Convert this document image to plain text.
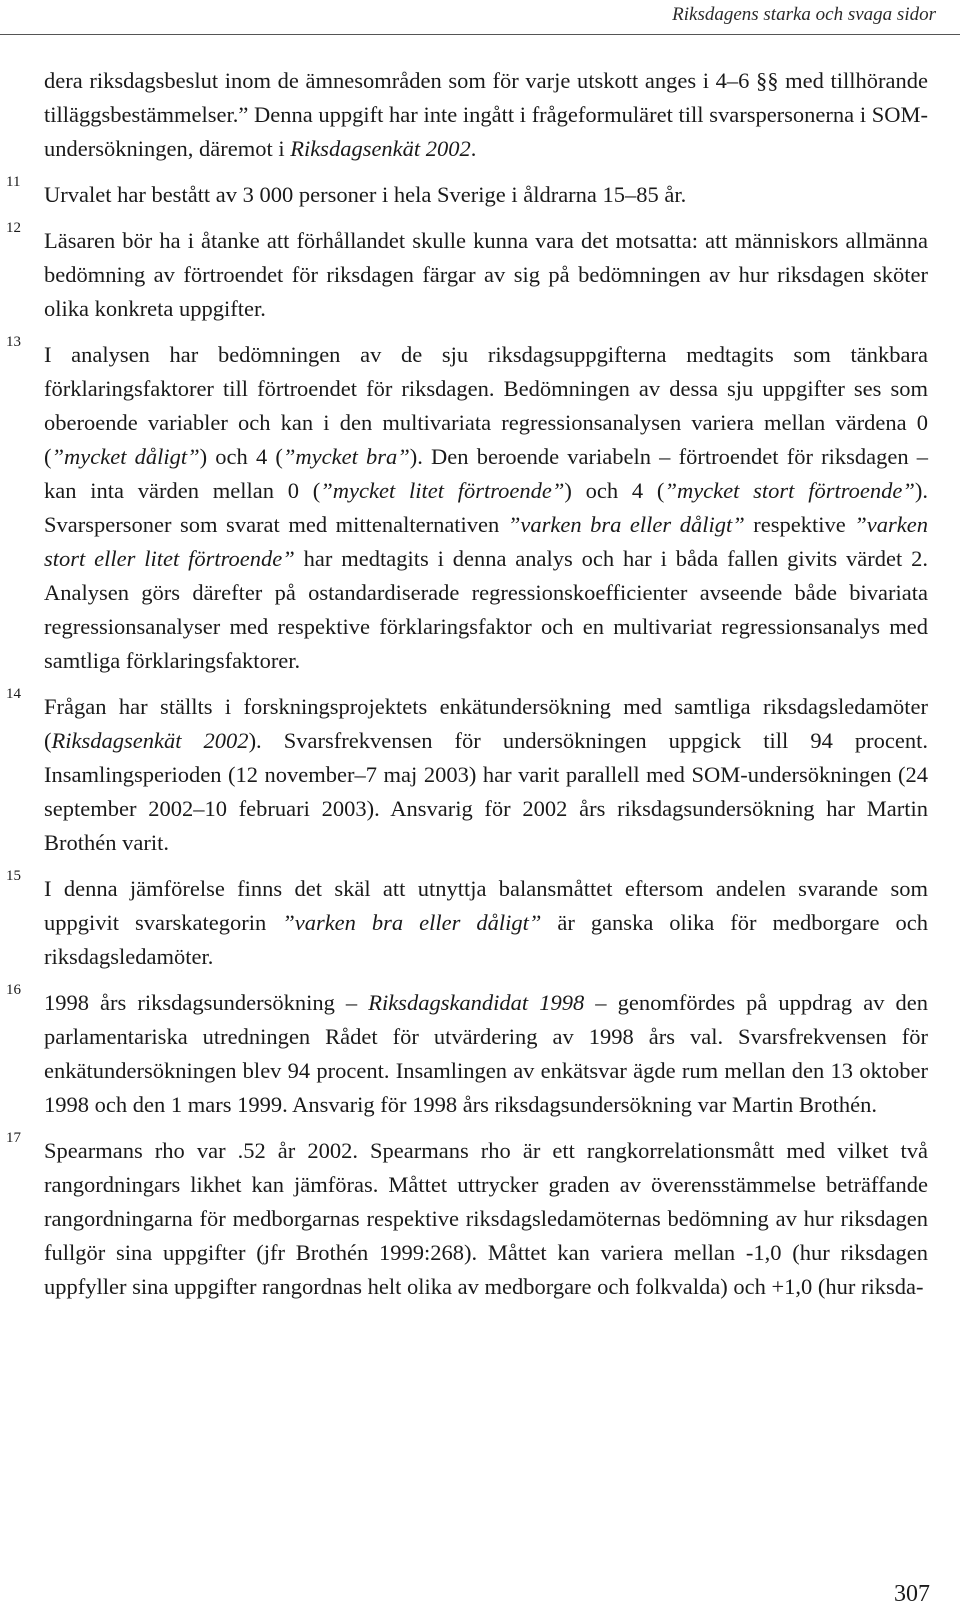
Riksdagens starka och svaga sidor
dera riksdagsbeslut inom de ämnesområden som för varje utskott anges i 4–6 §§ med tillhörande tilläggsbestämmelser.” Denna uppgift har inte ingått i frågeformuläret till svarspersonerna i SOM-undersökningen, däremot i Riksdagsenkät 2002.
11 Urvalet har bestått av 3 000 personer i hela Sverige i åldrarna 15–85 år.
12 Läsaren bör ha i åtanke att förhållandet skulle kunna vara det motsatta: att människors allmänna bedömning av förtroendet för riksdagen färgar av sig på bedömningen av hur riksdagen sköter olika konkreta uppgifter.
13 I analysen har bedömningen av de sju riksdagsuppgifterna medtagits som tänkbara förklaringsfaktorer till förtroendet för riksdagen. Bedömningen av dessa sju uppgifter ses som oberoende variabler och kan i den multivariata regressionsanalysen variera mellan värdena 0 (”mycket dåligt”) och 4 (”mycket bra”). Den beroende variabeln – förtroendet för riksdagen – kan inta värden mellan 0 (”mycket litet förtroende”) och 4 (”mycket stort förtroende”). Svarspersoner som svarat med mittenalternativen ”varken bra eller dåligt” respektive ”varken stort eller litet förtroende” har medtagits i denna analys och har i båda fallen givits värdet 2. Analysen görs därefter på ostandardiserade regressionskoefficienter avseende både bivariata regressionsanalyser med respektive förklaringsfaktor och en multivariat regressionsanalys med samtliga förklaringsfaktorer.
14 Frågan har ställts i forskningsprojektets enkätundersökning med samtliga riksdagsledamöter (Riksdagsenkät 2002). Svarsfrekvensen för undersökningen uppgick till 94 procent. Insamlingsperioden (12 november–7 maj 2003) har varit parallell med SOM-undersökningen (24 september 2002–10 februari 2003). Ansvarig för 2002 års riksdagsundersökning har Martin Brothén varit.
15 I denna jämförelse finns det skäl att utnyttja balansmåttet eftersom andelen svarande som uppgivit svarskategorin ”varken bra eller dåligt” är ganska olika för medborgare och riksdagsledamöter.
16 1998 års riksdagsundersökning – Riksdagskandidat 1998 – genomfördes på uppdrag av den parlamentariska utredningen Rådet för utvärdering av 1998 års val. Svarsfrekvensen för enkätundersökningen blev 94 procent. Insamlingen av enkätsvar ägde rum mellan den 13 oktober 1998 och den 1 mars 1999. Ansvarig för 1998 års riksdagsundersökning var Martin Brothén.
17 Spearmans rho var .52 år 2002. Spearmans rho är ett rangkorrelationsmått med vilket två rangordningars likhet kan jämföras. Måttet uttrycker graden av överensstämmelse beträffande rangordningarna för medborgarnas respektive riksdagsledamöternas bedömning av hur riksdagen fullgör sina uppgifter (jfr Brothén 1999:268). Måttet kan variera mellan -1,0 (hur riksdagen uppfyller sina uppgifter rangordnas helt olika av medborgare och folkvalda) och +1,0 (hur riksda-
307
